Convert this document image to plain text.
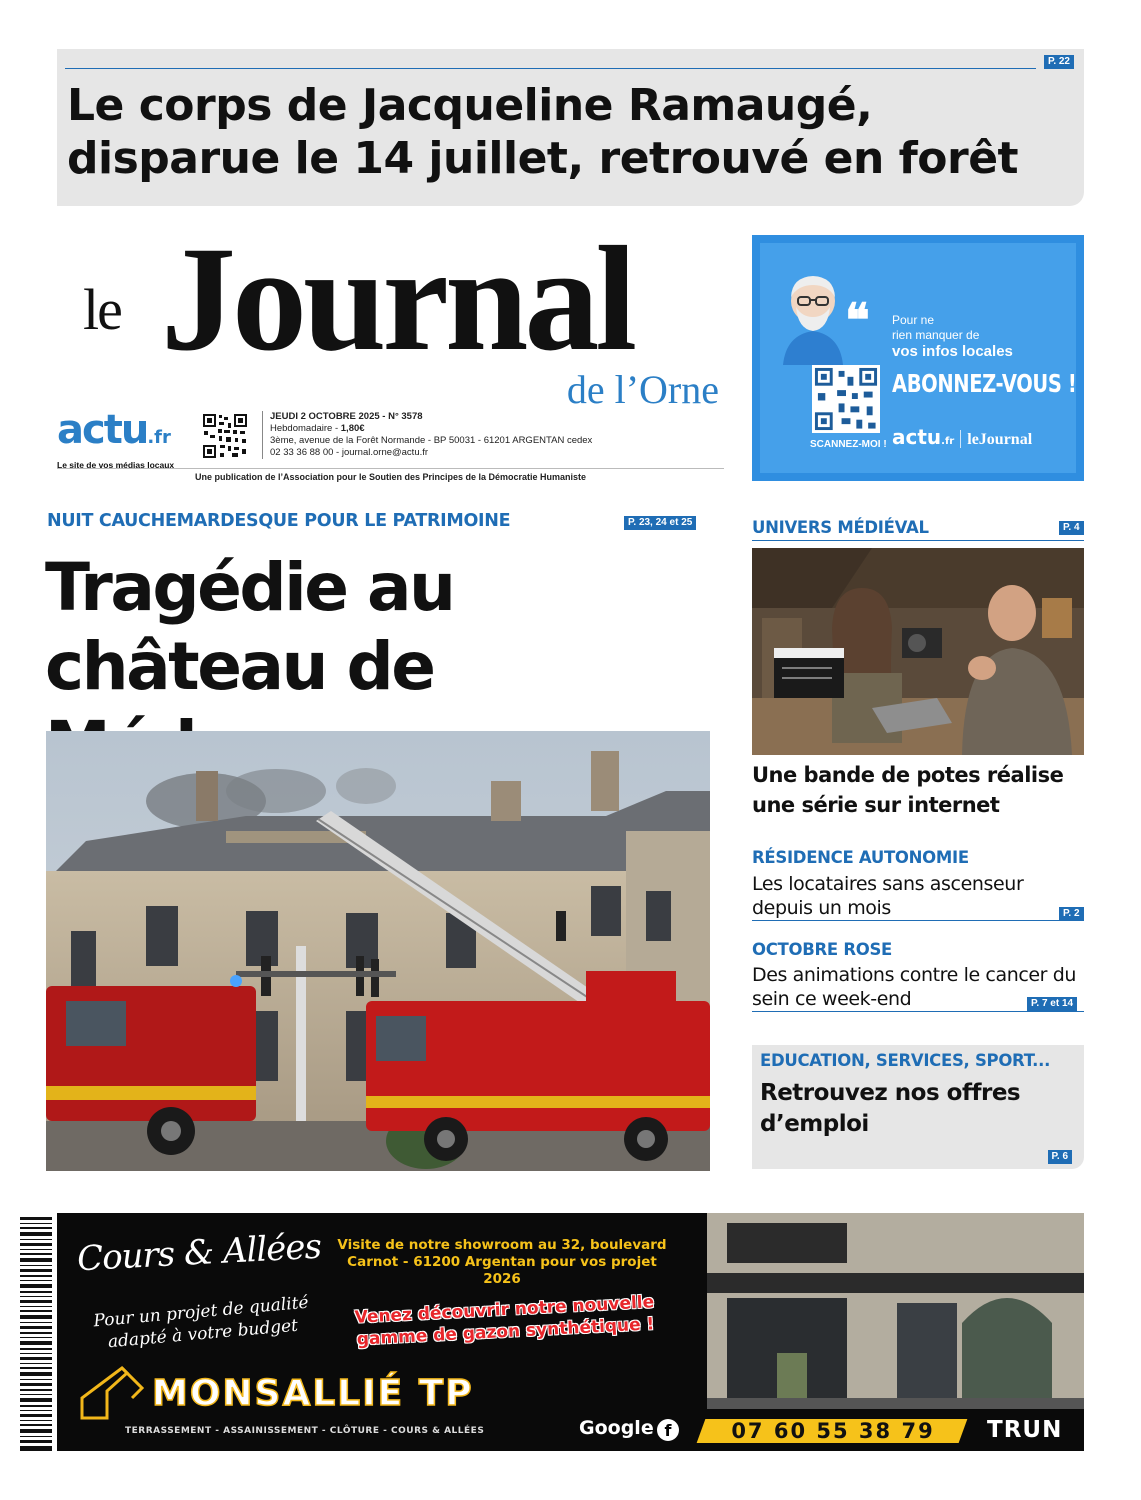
P. 22
Le corps de Jacqueline Ramaugé, disparue le 14 juillet, retrouvé en forêt
le Journal
de l’Orne
actu.fr
Le site de vos médias locaux
JEUDI 2 OCTOBRE 2025 - N° 3578
Hebdomadaire - 1,80€
3ème, avenue de la Forêt Normande - BP 50031 - 61201 ARGENTAN cedex
02 33 36 88 00 - journal.orne@actu.fr
Une publication de l’Association pour le Soutien des Principes de la Démocratie Humaniste
❝ Pour ne
rien manquer de
vos infos locales
ABONNEZ-VOUS !
SCANNEZ-MOI ! actu.fr leJournal
NUIT CAUCHEMARDESQUE POUR LE PATRIMOINE	P. 23, 24 et 25
Tragédie au château de
UNIVERS MÉDIÉVAL	P. 4
Une bande de potes réalise une série sur internet
RÉSIDENCE AUTONOMIE
Les locataires sans ascenseur depuis un mois	P. 2
OCTOBRE ROSE
Des animations contre le cancer du sein ce week-end	P. 7 et 14
EDUCATION, SERVICES, SPORT...
Retrouvez nos offres d’emploi
P. 6
Cours & Allées
Pour un projet de qualité adapté à votre budget
Visite de notre showroom au 32, boulevard Carnot - 61200 Argentan pour vos projet 2026
Venez découvrir notre nouvelle gamme de gazon synthétique !
MONSALLIÉ TP
TERRASSEMENT - ASSAINISSEMENT - CLÔTURE - COURS & ALLÉES	Google f	07 60 55 38 79	TRUN
